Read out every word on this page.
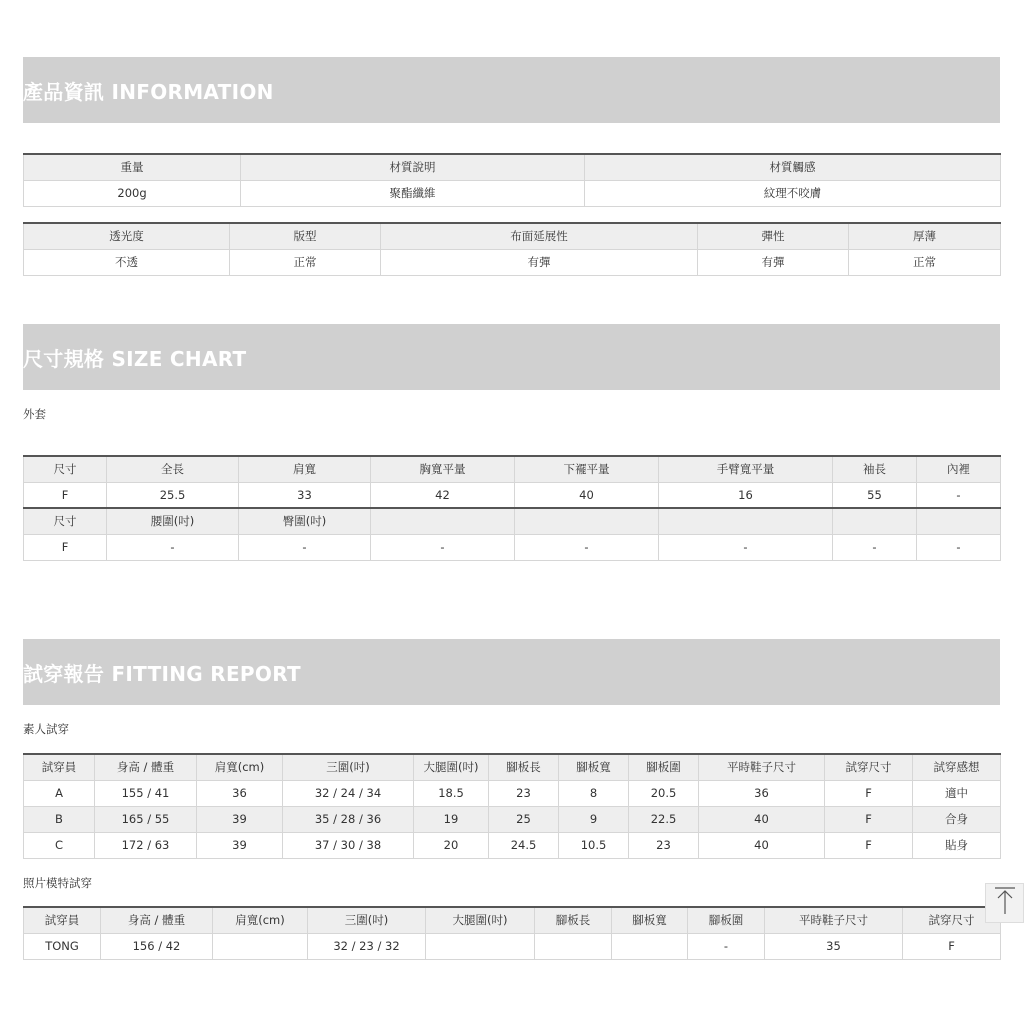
產品資訊 INFORMATION
重量	材質說明	材質觸感
200g	聚酯纖維	紋理不咬膚
透光度	版型	布面延展性	彈性	厚薄
不透	正常	有彈	有彈	正常
尺寸規格 SIZE CHART
外套
尺寸	全長	肩寬	胸寬平量	下襬平量	手臂寬平量	袖長	內裡
F	25.5	33	42	40	16	55	-
尺寸	腰圍(吋)	臀圍(吋)					
F	-	-	-	-	-	-	-
試穿報告 FITTING REPORT
素人試穿
試穿員	身高 / 體重	肩寬(cm)	三圍(吋)	大腿圍(吋)	腳板長	腳板寬	腳板圍	平時鞋子尺寸	試穿尺寸	試穿感想
A	155 / 41	36	32 / 24 / 34	18.5	23	8	20.5	36	F	適中
B	165 / 55	39	35 / 28 / 36	19	25	9	22.5	40	F	合身
C	172 / 63	39	37 / 30 / 38	20	24.5	10.5	23	40	F	貼身
照片模特試穿
試穿員	身高 / 體重	肩寬(cm)	三圍(吋)	大腿圍(吋)	腳板長	腳板寬	腳板圍	平時鞋子尺寸	試穿尺寸
TONG	156 / 42		32 / 23 / 32				-	35	F
